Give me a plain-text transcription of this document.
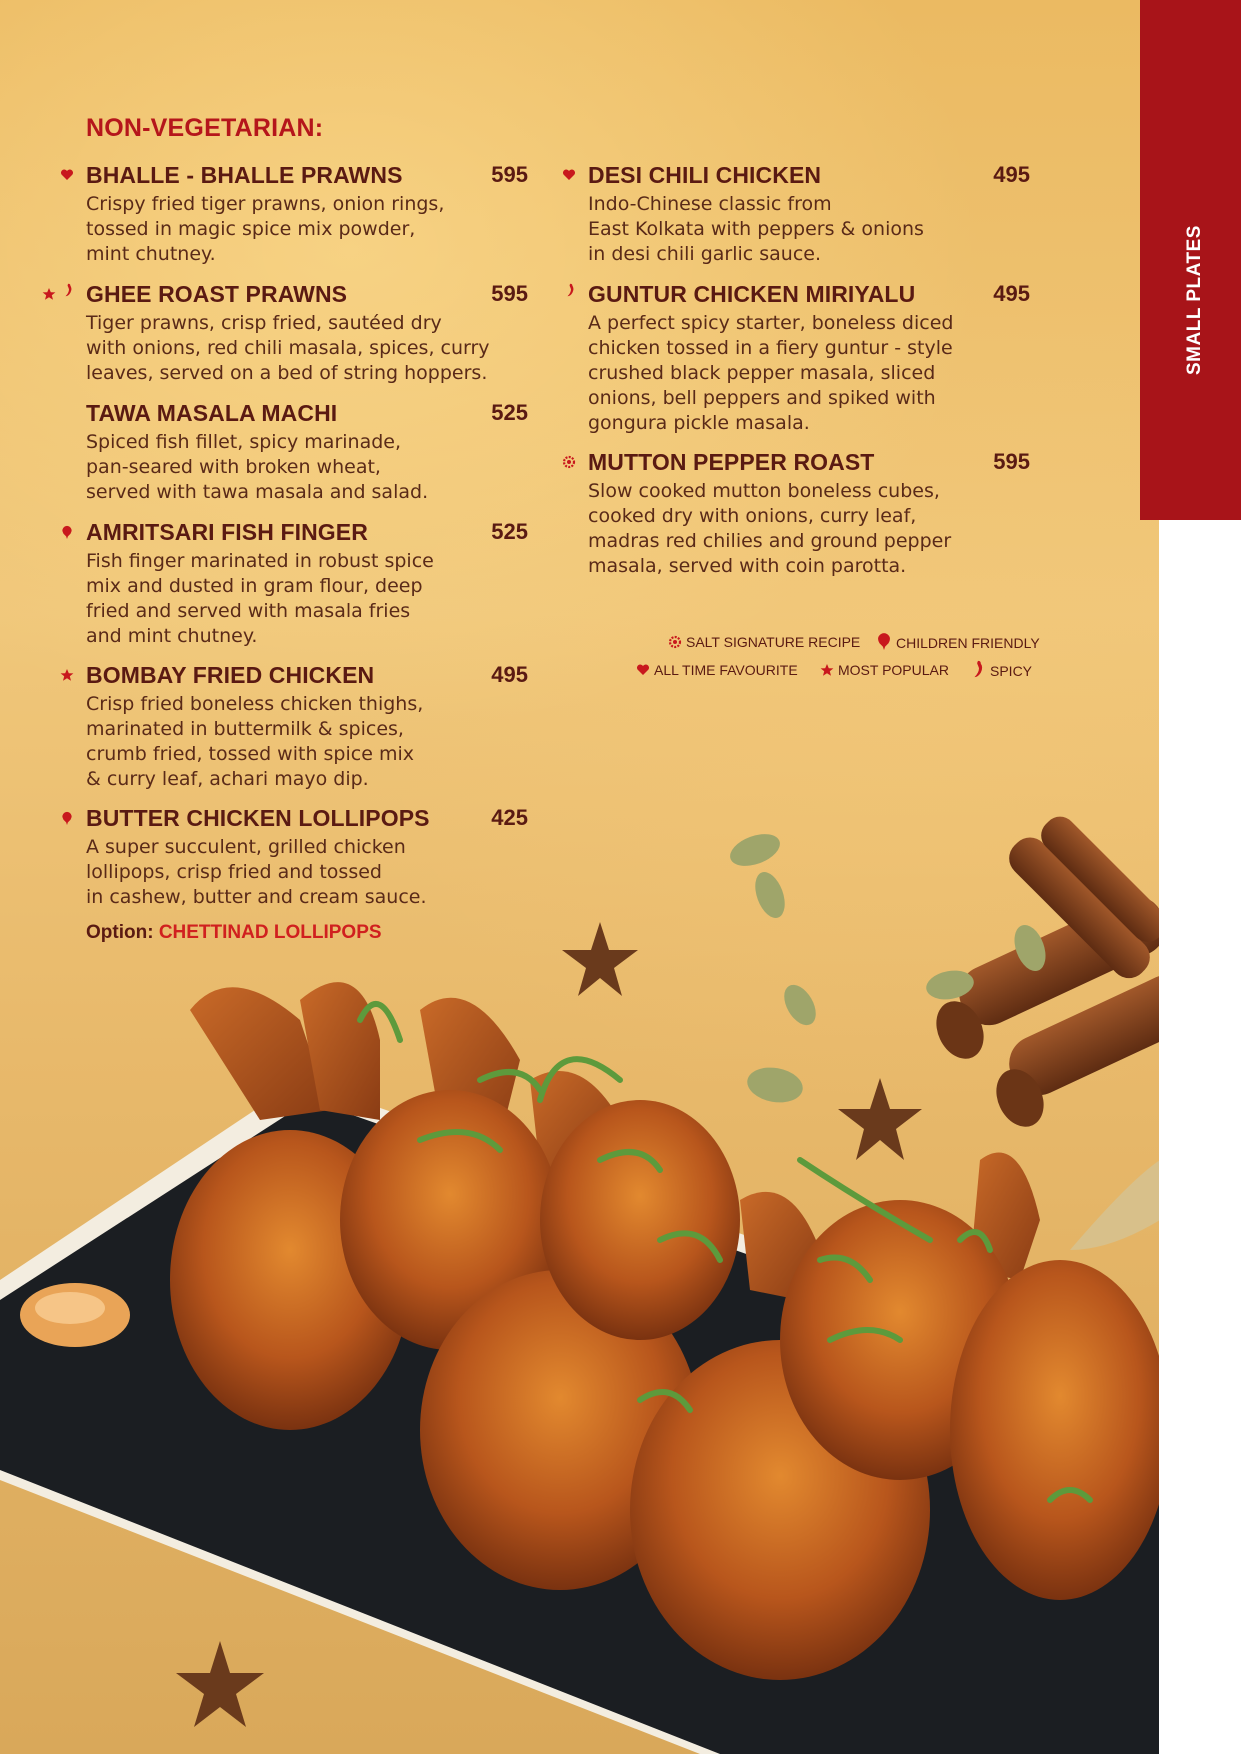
SMALL PLATES
NON-VEGETARIAN:
BHALLE - BHALLE PRAWNS	595

Crispy fried tiger prawns, onion rings,
tossed in magic spice mix powder,
mint chutney.

GHEE ROAST PRAWNS	595

Tiger prawns, crisp fried, sautéed dry
with onions, red chili masala, spices, curry
leaves, served on a bed of string hoppers.

TAWA MASALA MACHI	525

Spiced fish fillet, spicy marinade,
pan-seared with broken wheat,
served with tawa masala and salad.

AMRITSARI FISH FINGER	525

Fish finger marinated in robust spice
mix and dusted in gram flour, deep
fried and served with masala fries
and mint chutney.

BOMBAY FRIED CHICKEN	495

Crisp fried boneless chicken thighs,
marinated in buttermilk & spices,
crumb fried, tossed with spice mix
& curry leaf, achari mayo dip.

BUTTER CHICKEN LOLLIPOPS	425

A super succulent, grilled chicken
lollipops, crisp fried and tossed
in cashew, butter and cream sauce.

Option: CHETTINAD LOLLIPOPS
DESI CHILI CHICKEN	495

Indo-Chinese classic from
East Kolkata with peppers & onions
in desi chili garlic sauce.

GUNTUR CHICKEN MIRIYALU	495

A perfect spicy starter, boneless diced
chicken tossed in a fiery guntur - style
crushed black pepper masala, sliced
onions, bell peppers and spiked with
gongura pickle masala.

MUTTON PEPPER ROAST	595

Slow cooked mutton boneless cubes,
cooked dry with onions, curry leaf,
madras red chilies and ground pepper
masala, served with coin parotta.

SALT SIGNATURE RECIPE	CHILDREN FRIENDLY
ALL TIME FAVOURITE	MOST POPULAR	SPICY
